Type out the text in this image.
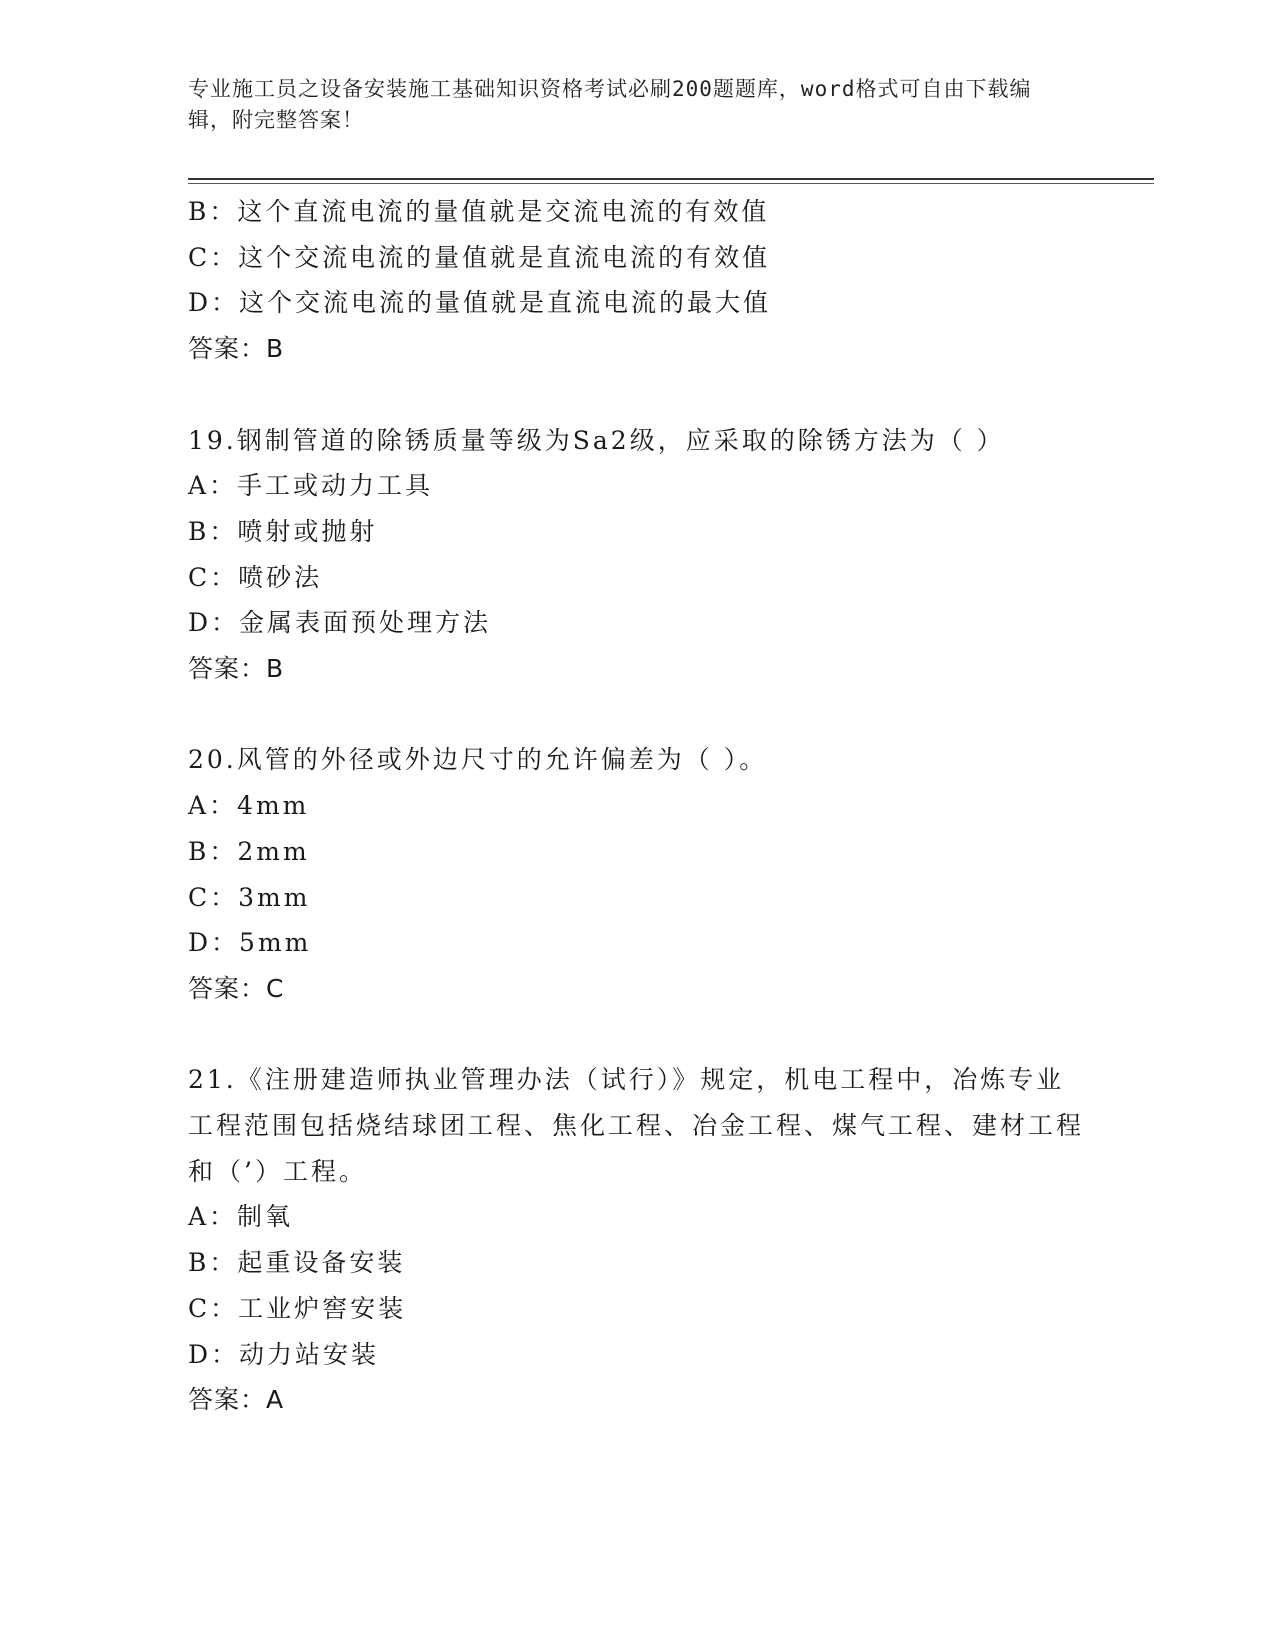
专业施工员之设备安装施工基础知识资格考试必刷200题题库，word格式可自由下载编辑，附完整答案！
B：这个直流电流的量值就是交流电流的有效值
C：这个交流电流的量值就是直流电流的有效值
D：这个交流电流的量值就是直流电流的最大值
答案：B
19.钢制管道的除锈质量等级为Sa2级，应采取的除锈方法为（ ）
A：手工或动力工具
B：喷射或抛射
C：喷砂法
D：金属表面预处理方法
答案：B
20.风管的外径或外边尺寸的允许偏差为（ ）。
A：4mm
B：2mm
C：3mm
D：5mm
答案：C
21.《注册建造师执业管理办法（试行）》规定，机电工程中，冶炼专业工程范围包括烧结球团工程、焦化工程、冶金工程、煤气工程、建材工程和（’）工程。
A：制氧
B：起重设备安装
C：工业炉窖安装
D：动力站安装
答案：A
